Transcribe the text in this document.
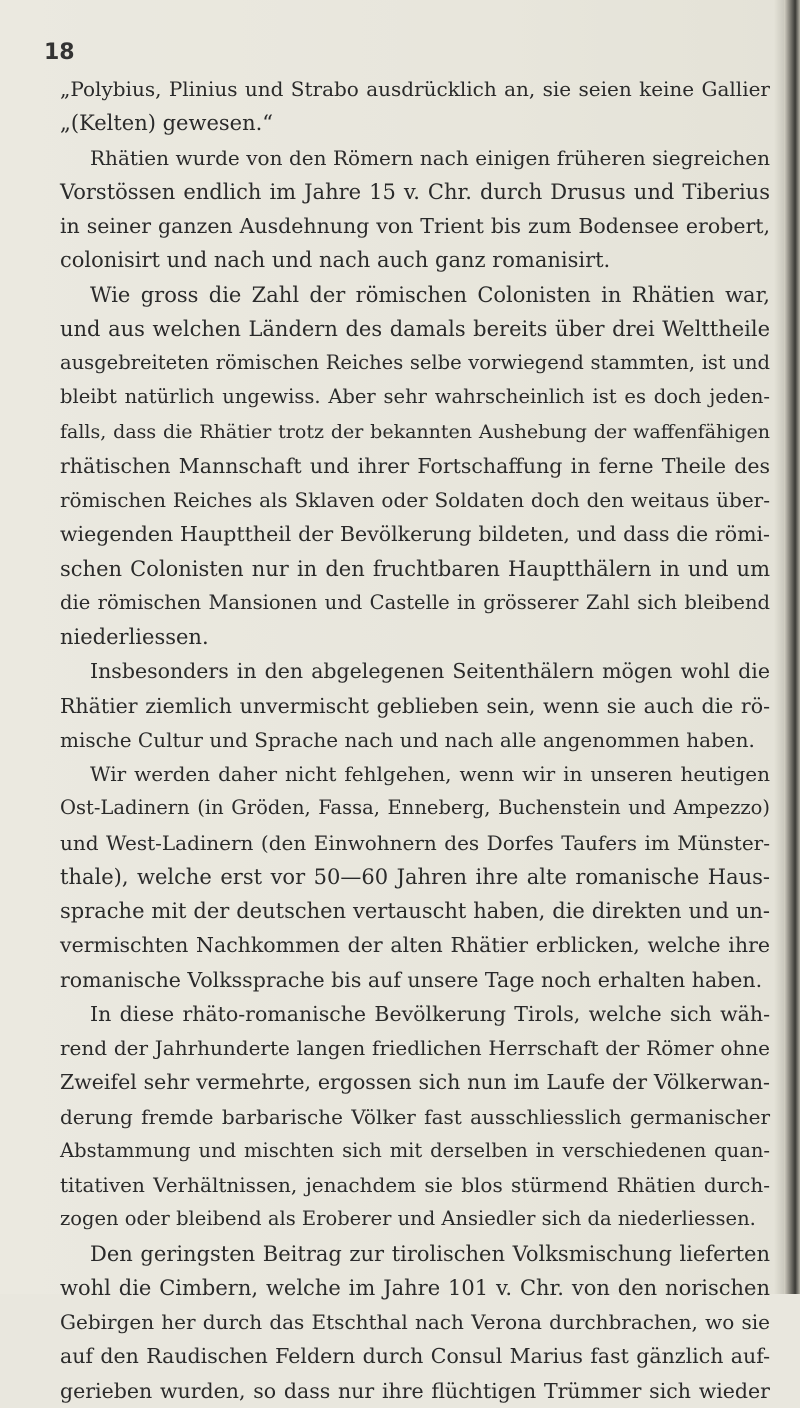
18
„Polybius, Plinius und Strabo ausdrücklich an, sie seien keine Gallier
„(Kelten) gewesen.“
Rhätien wurde von den Römern nach einigen früheren siegreichen
Vorstössen endlich im Jahre 15 v. Chr. durch Drusus und Tiberius
in seiner ganzen Ausdehnung von Trient bis zum Bodensee erobert,
colonisirt und nach und nach auch ganz romanisirt.
Wie gross die Zahl der römischen Colonisten in Rhätien war,
und aus welchen Ländern des damals bereits über drei Welttheile
ausgebreiteten römischen Reiches selbe vorwiegend stammten, ist und
bleibt natürlich ungewiss. Aber sehr wahrscheinlich ist es doch jeden-
falls, dass die Rhätier trotz der bekannten Aushebung der waffenfähigen
rhätischen Mannschaft und ihrer Fortschaffung in ferne Theile des
römischen Reiches als Sklaven oder Soldaten doch den weitaus über-
wiegenden Haupttheil der Bevölkerung bildeten, und dass die römi-
schen Colonisten nur in den fruchtbaren Hauptthälern in und um
die römischen Mansionen und Castelle in grösserer Zahl sich bleibend
niederliessen.
Insbesonders in den abgelegenen Seitenthälern mögen wohl die
Rhätier ziemlich unvermischt geblieben sein, wenn sie auch die rö-
mische Cultur und Sprache nach und nach alle angenommen haben.
Wir werden daher nicht fehlgehen, wenn wir in unseren heutigen
Ost-Ladinern (in Gröden, Fassa, Enneberg, Buchenstein und Ampezzo)
und West-Ladinern (den Einwohnern des Dorfes Taufers im Münster-
thale), welche erst vor 50—60 Jahren ihre alte romanische Haus-
sprache mit der deutschen vertauscht haben, die direkten und un-
vermischten Nachkommen der alten Rhätier erblicken, welche ihre
romanische Volkssprache bis auf unsere Tage noch erhalten haben.
In diese rhäto-romanische Bevölkerung Tirols, welche sich wäh-
rend der Jahrhunderte langen friedlichen Herrschaft der Römer ohne
Zweifel sehr vermehrte, ergossen sich nun im Laufe der Völkerwan-
derung fremde barbarische Völker fast ausschliesslich germanischer
Abstammung und mischten sich mit derselben in verschiedenen quan-
titativen Verhältnissen, jenachdem sie blos stürmend Rhätien durch-
zogen oder bleibend als Eroberer und Ansiedler sich da niederliessen.
Den geringsten Beitrag zur tirolischen Volksmischung lieferten
wohl die Cimbern, welche im Jahre 101 v. Chr. von den norischen
Gebirgen her durch das Etschthal nach Verona durchbrachen, wo sie
auf den Raudischen Feldern durch Consul Marius fast gänzlich auf-
gerieben wurden, so dass nur ihre flüchtigen Trümmer sich wieder
